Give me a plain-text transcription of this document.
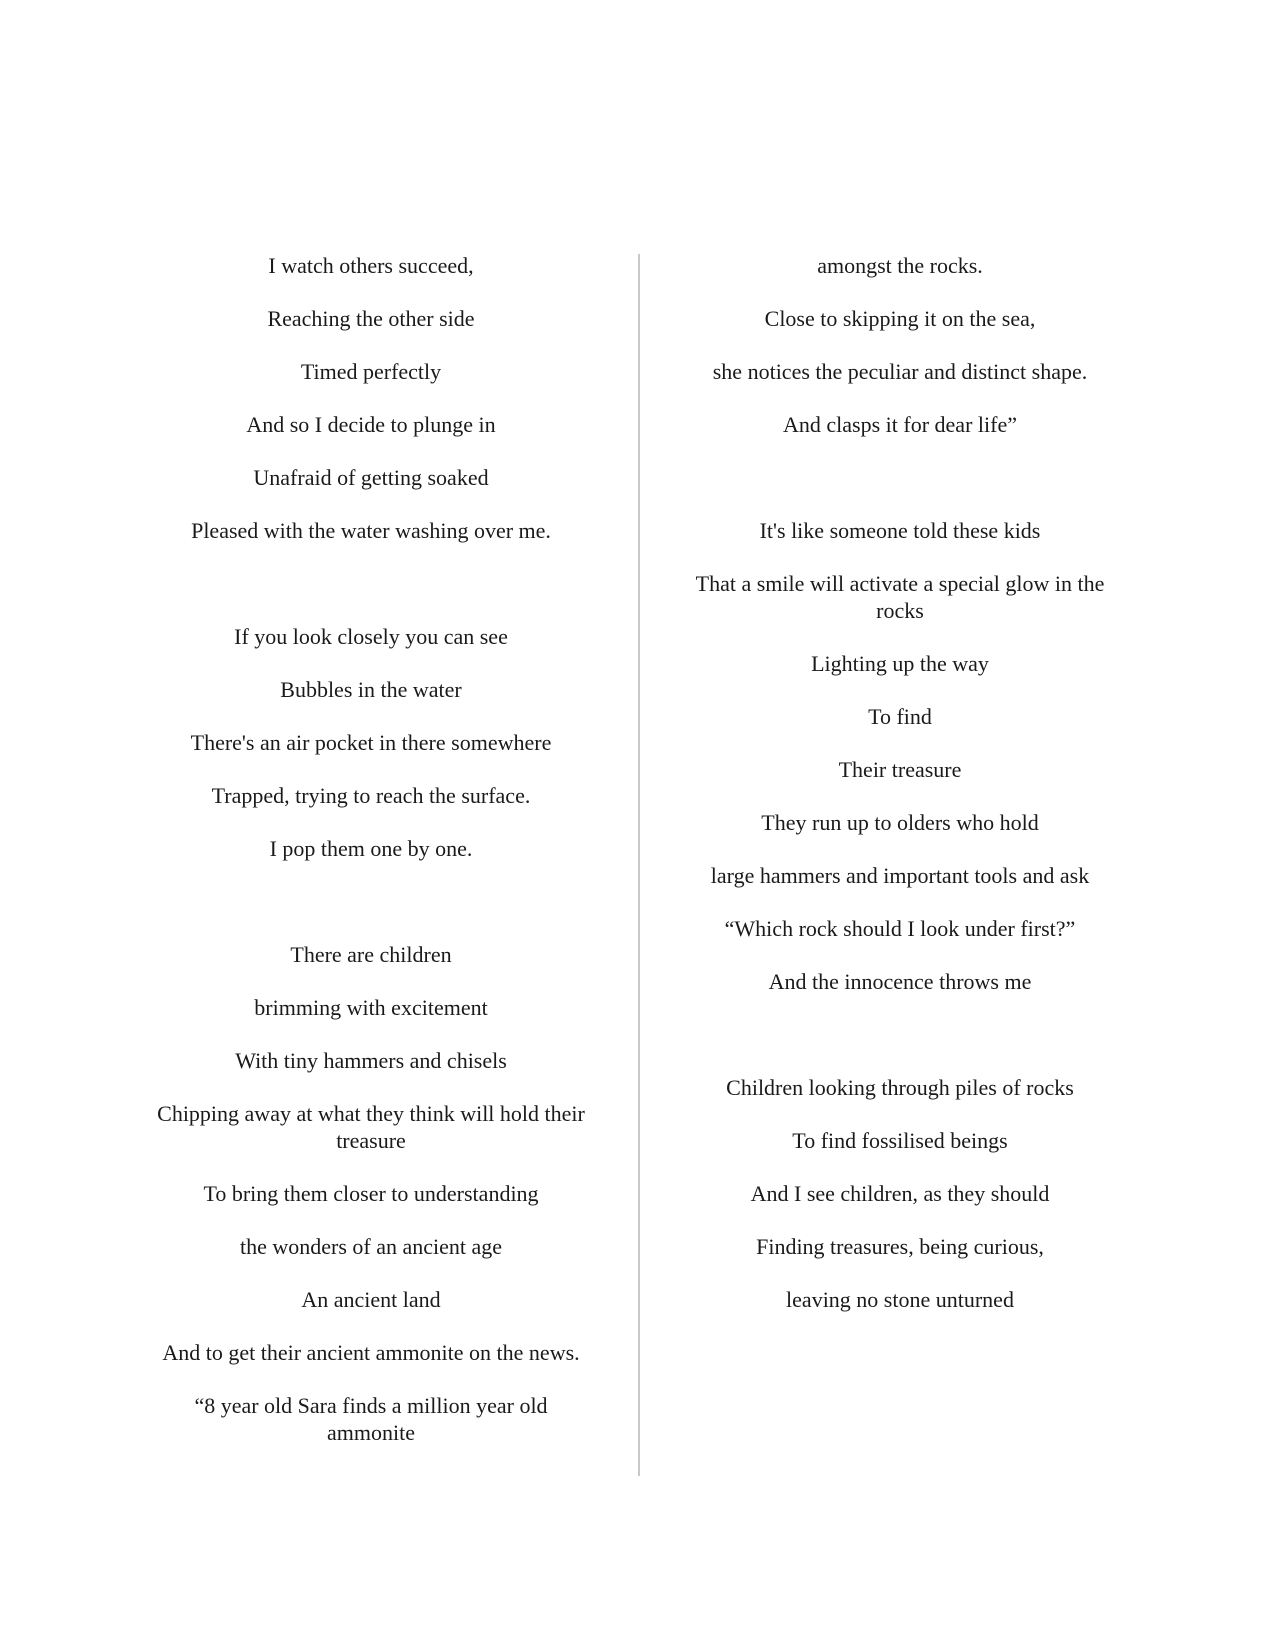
I watch others succeed,

Reaching the other side

Timed perfectly

And so I decide to plunge in

Unafraid of getting soaked

Pleased with the water washing over me.

If you look closely you can see

Bubbles in the water

There's an air pocket in there somewhere

Trapped, trying to reach the surface.

I pop them one by one.

There are children

brimming with excitement

With tiny hammers and chisels

Chipping away at what they think will hold their treasure

To bring them closer to understanding

the wonders of an ancient age

An ancient land

And to get their ancient ammonite on the news.

“8 year old Sara finds a million year old ammonite

amongst the rocks.

Close to skipping it on the sea,

she notices the peculiar and distinct shape.

And clasps it for dear life”

It's like someone told these kids

That a smile will activate a special glow in the rocks

Lighting up the way

To find

Their treasure

They run up to olders who hold

large hammers and important tools and ask

“Which rock should I look under first?”

And the innocence throws me

Children looking through piles of rocks

To find fossilised beings

And I see children, as they should

Finding treasures, being curious,

leaving no stone unturned
